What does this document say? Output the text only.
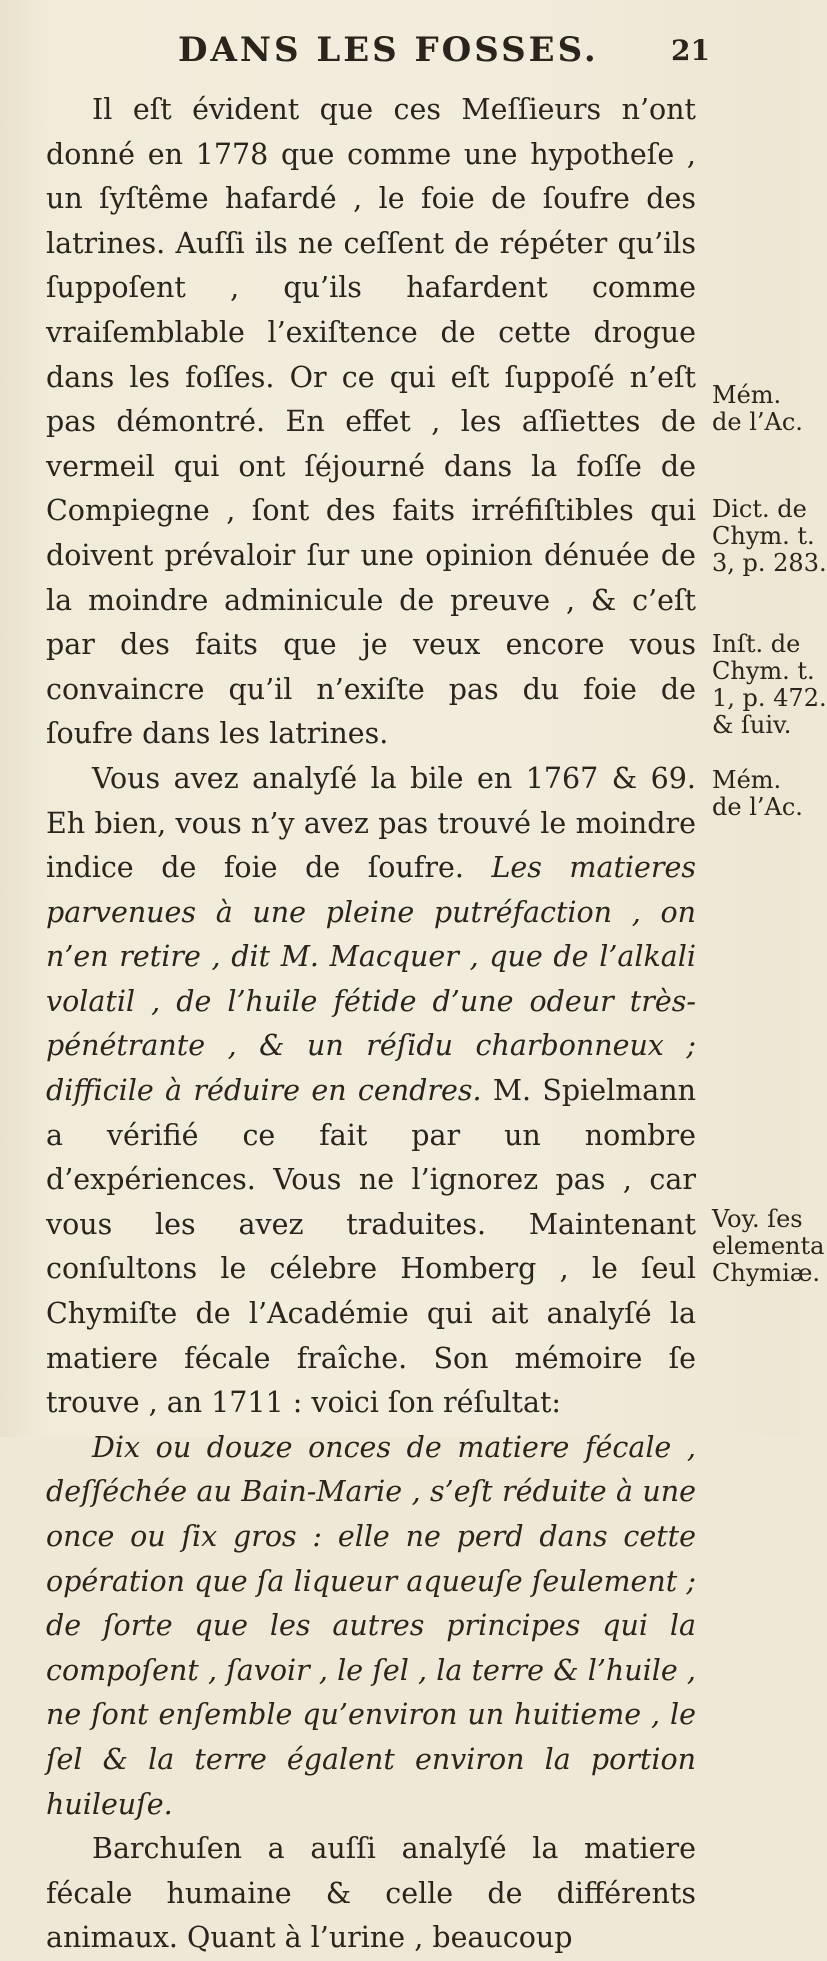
DANS LES FOSSES.	21

Il eſt évident que ces Meſſieurs n’ont donné en 1778 que comme une hypotheſe , un ſyſtême hafardé , le foie de ſoufre des latrines. Auſſi ils ne ceſſent de répéter qu’ils ſuppoſent , qu’ils hafardent comme vraiſemblable l’exiſtence de cette drogue dans les foſſes. Or ce qui eſt ſuppoſé n’eſt pas démontré. En effet , les aſſiettes de vermeil qui ont ſéjourné dans la foſſe de Compiegne , ſont des faits irréfiſtibles qui doivent prévaloir ſur une opinion dénuée de la moindre adminicule de preuve , & c’eſt par des faits que je veux encore vous convaincre qu’il n’exiſte pas du foie de ſoufre dans les latrines.

Vous avez analyſé la bile en 1767 & 69. Eh bien, vous n’y avez pas trouvé le moindre indice de foie de ſoufre. Les matieres parvenues à une pleine putréfaction , on n’en retire , dit M. Macquer , que de l’alkali volatil , de l’huile fétide d’une odeur très-pénétrante , & un réſidu charbonneux ; difficile à réduire en cendres. M. Spielmann a vérifié ce fait par un nombre d’expériences. Vous ne l’ignorez pas , car vous les avez traduites. Maintenant conſultons le célebre Homberg , le ſeul Chymiſte de l’Académie qui ait analyſé la matiere fécale fraîche. Son mémoire ſe trouve , an 1711 : voici ſon réſultat:

Dix ou douze onces de matiere fécale , deſſéchée au Bain-Marie , s’eſt réduite à une once ou ſix gros : elle ne perd dans cette opération que ſa liqueur aqueuſe ſeulement ; de ſorte que les autres principes qui la compoſent , ſavoir , le ſel , la terre & l’huile , ne ſont enſemble qu’environ un huitieme , le ſel & la terre égalent environ la portion huileuſe.

Barchuſen a auſſi analyſé la matiere fécale humaine & celle de différents animaux. Quant à l’urine , beaucoup

Mém.
de l’Ac.
Dict. de
Chym. t.
3, p. 283.
Inſt. de
Chym. t.
1, p. 472.
& ſuiv.
Mém.
de l’Ac.
Voy. ſes
elementa
Chymiæ.
